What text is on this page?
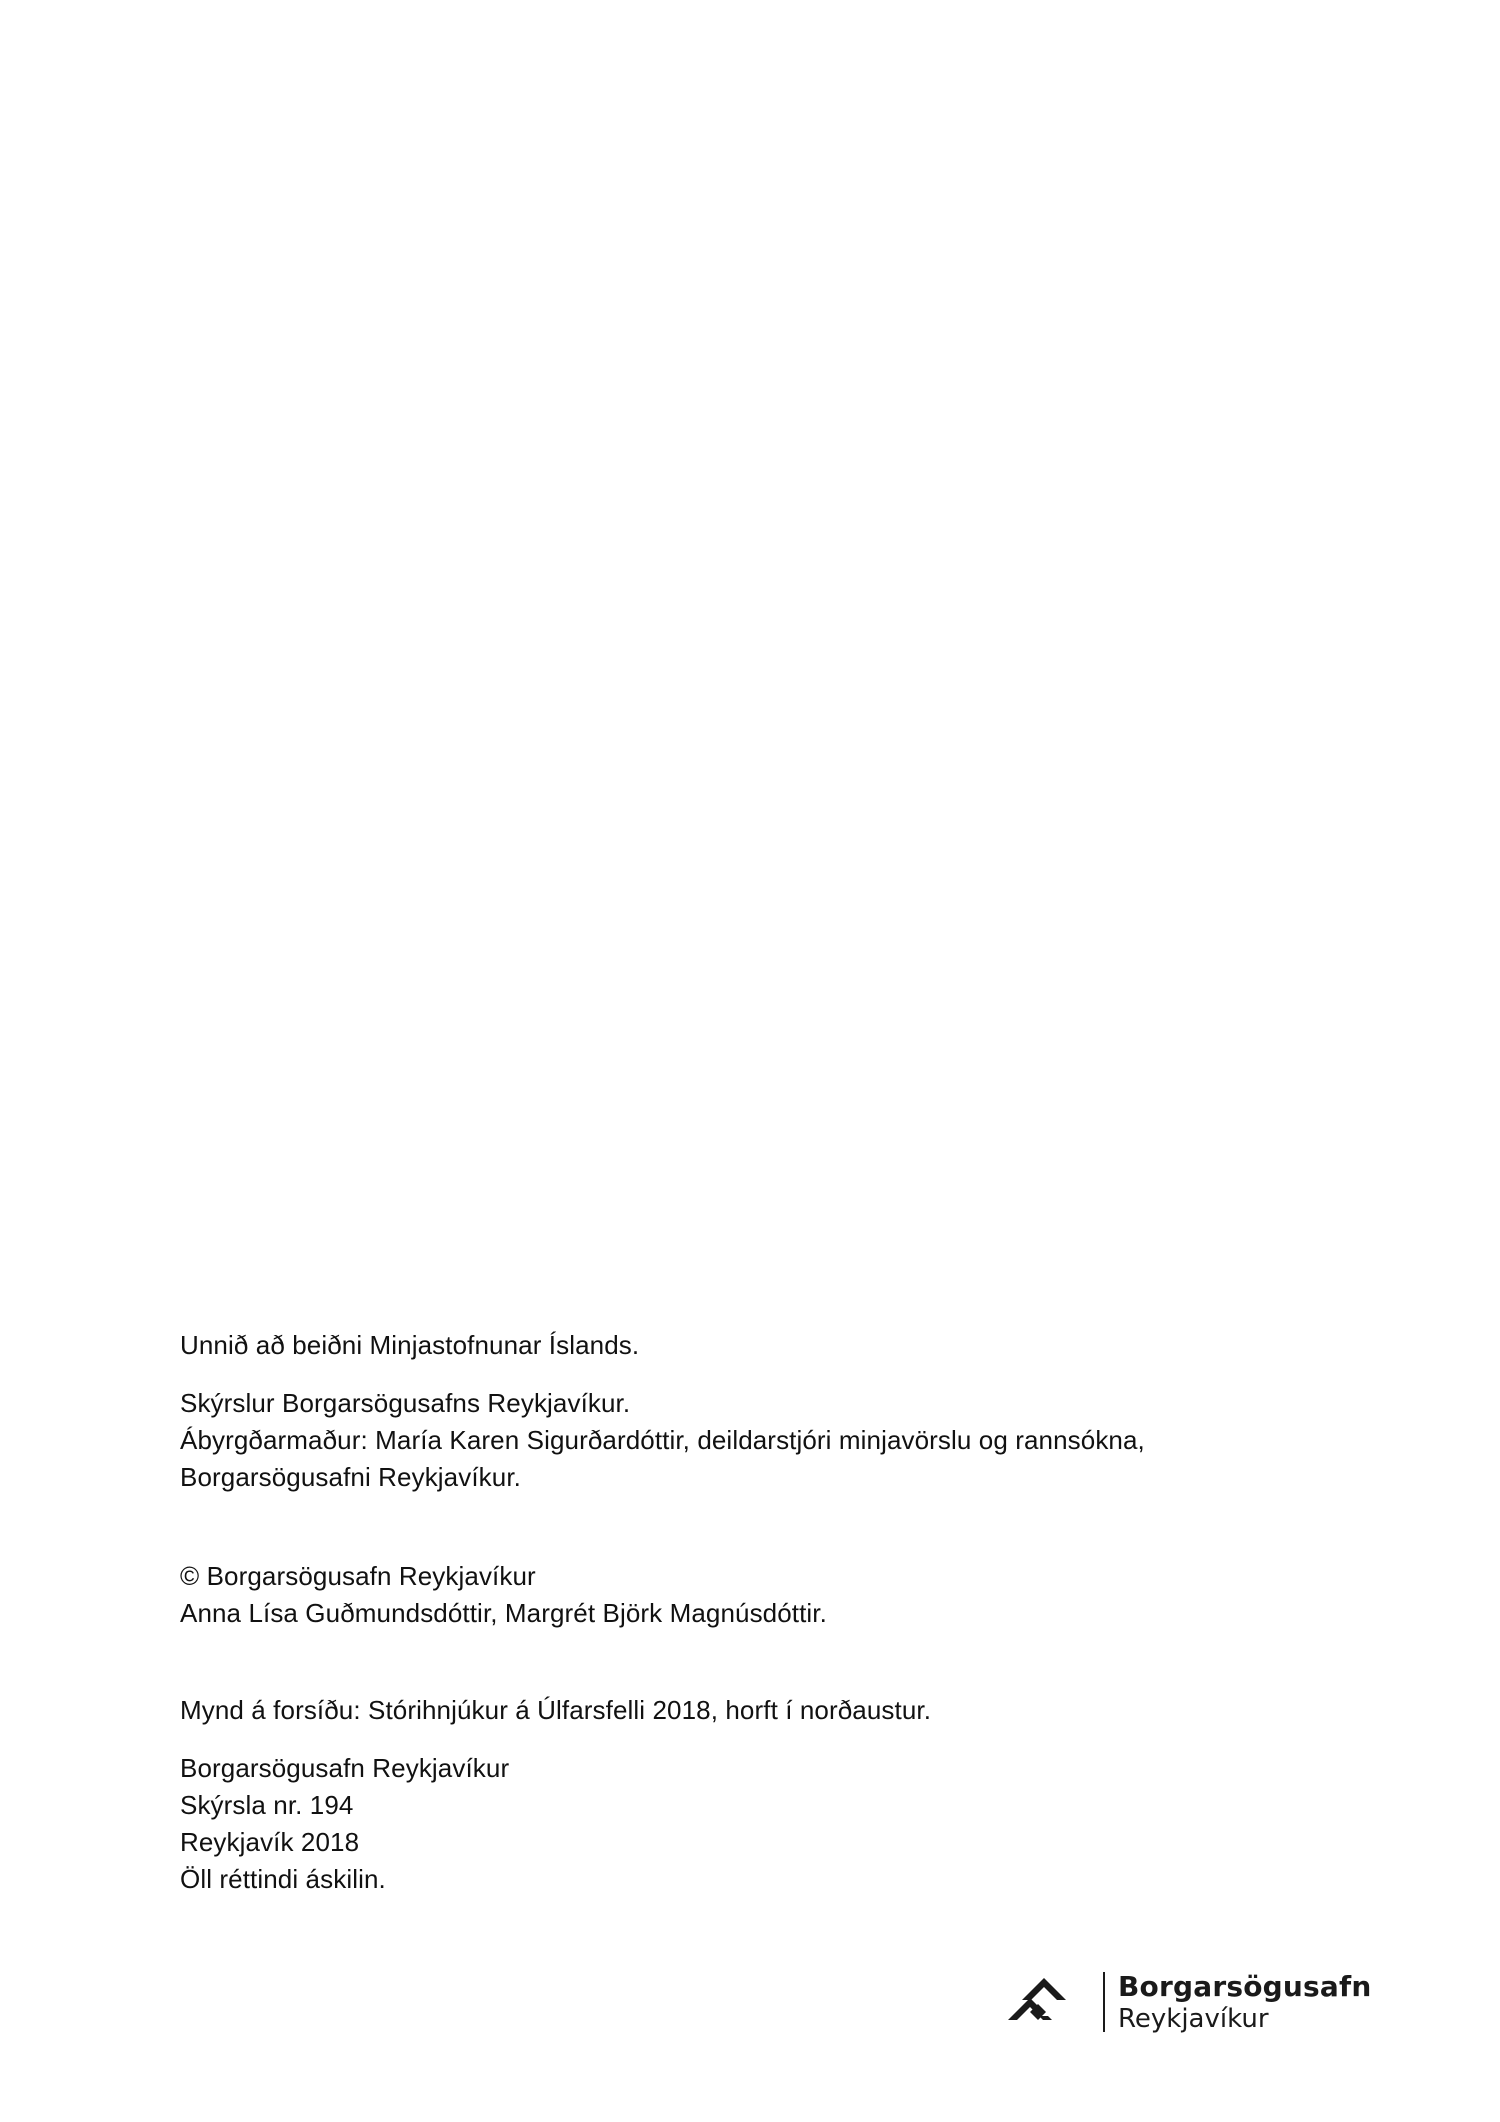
Unnið að beiðni Minjastofnunar Íslands.
Skýrslur Borgarsögusafns Reykjavíkur.
Ábyrgðarmaður: María Karen Sigurðardóttir, deildarstjóri minjavörslu og rannsókna,
Borgarsögusafni Reykjavíkur.
© Borgarsögusafn Reykjavíkur
Anna Lísa Guðmundsdóttir, Margrét Björk Magnúsdóttir.
Mynd á forsíðu: Stórihnjúkur á Úlfarsfelli 2018, horft í norðaustur.
Borgarsögusafn Reykjavíkur
Skýrsla nr. 194
Reykjavík 2018
Öll réttindi áskilin.
Borgarsögusafn
Reykjavíkur
